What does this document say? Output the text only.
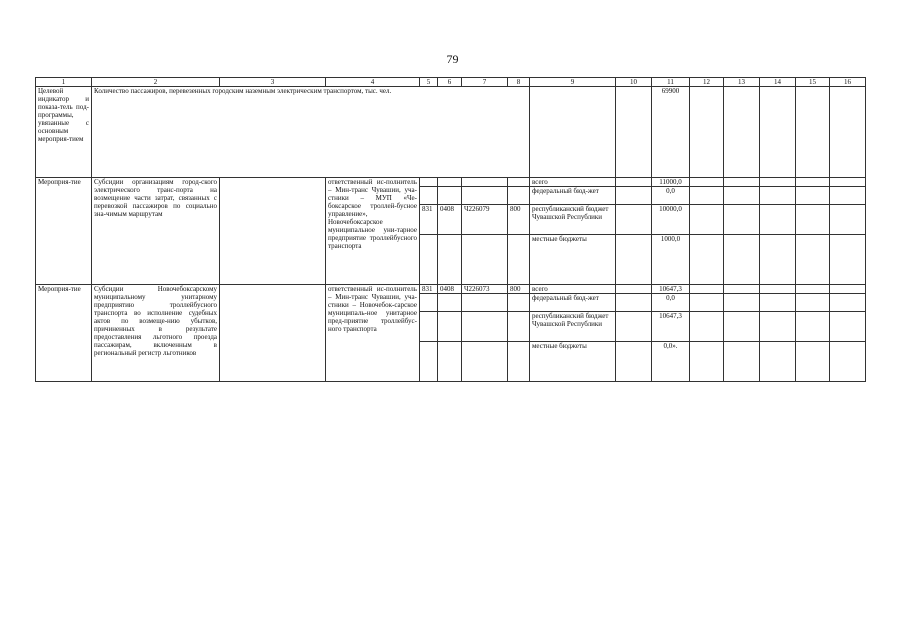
79
1	2	3	4	5	6	7	8	9	10	11	12	13	14	15	16
Целевой индикатор и показа-тель под-программы, увязанные с основным мероприя-тием	Количество пассажиров, перевезенных городским наземным электрическим транспортом, тыс. чел.									69900					
Мероприя-тие	Субсидии организациям город-ского электрического транс-порта на возмещение части затрат, связанных с перевозкой пассажиров по социально зна-чимым маршрутам		ответственный ис-полнитель – Мин-транс Чувашии, уча-стники – МУП «Че-боксарское троллей-бусное управление», Новочебоксарское муниципальное уни-тарное предприятие троллейбусного транспорта					всего		11000,0					
								федеральный бюд-жет		0,0					
				831	0408	Ч226079	800	республиканский бюджет Чувашской Республики		10000,0					
								местные бюджеты		1000,0					
Мероприя-тие	Субсидии Новочебоксарскому муниципальному унитарному предприятию троллейбусного транспорта во исполнение судебных актов по возмеще-нию убытков, причиненных в результате предоставления льготного проезда пассажирам, включенным в региональный регистр льготников		ответственный ис-полнитель – Мин-транс Чувашии, уча-стники – Новочебок-сарское муниципаль-ное унитарное пред-приятие троллейбус-ного транспорта	831	0408	Ч226073	800	всего		10647,3					
								федеральный бюд-жет		0,0					
								республиканский бюджет Чувашской Республики		10647,3					
								местные бюджеты		0,0».					
